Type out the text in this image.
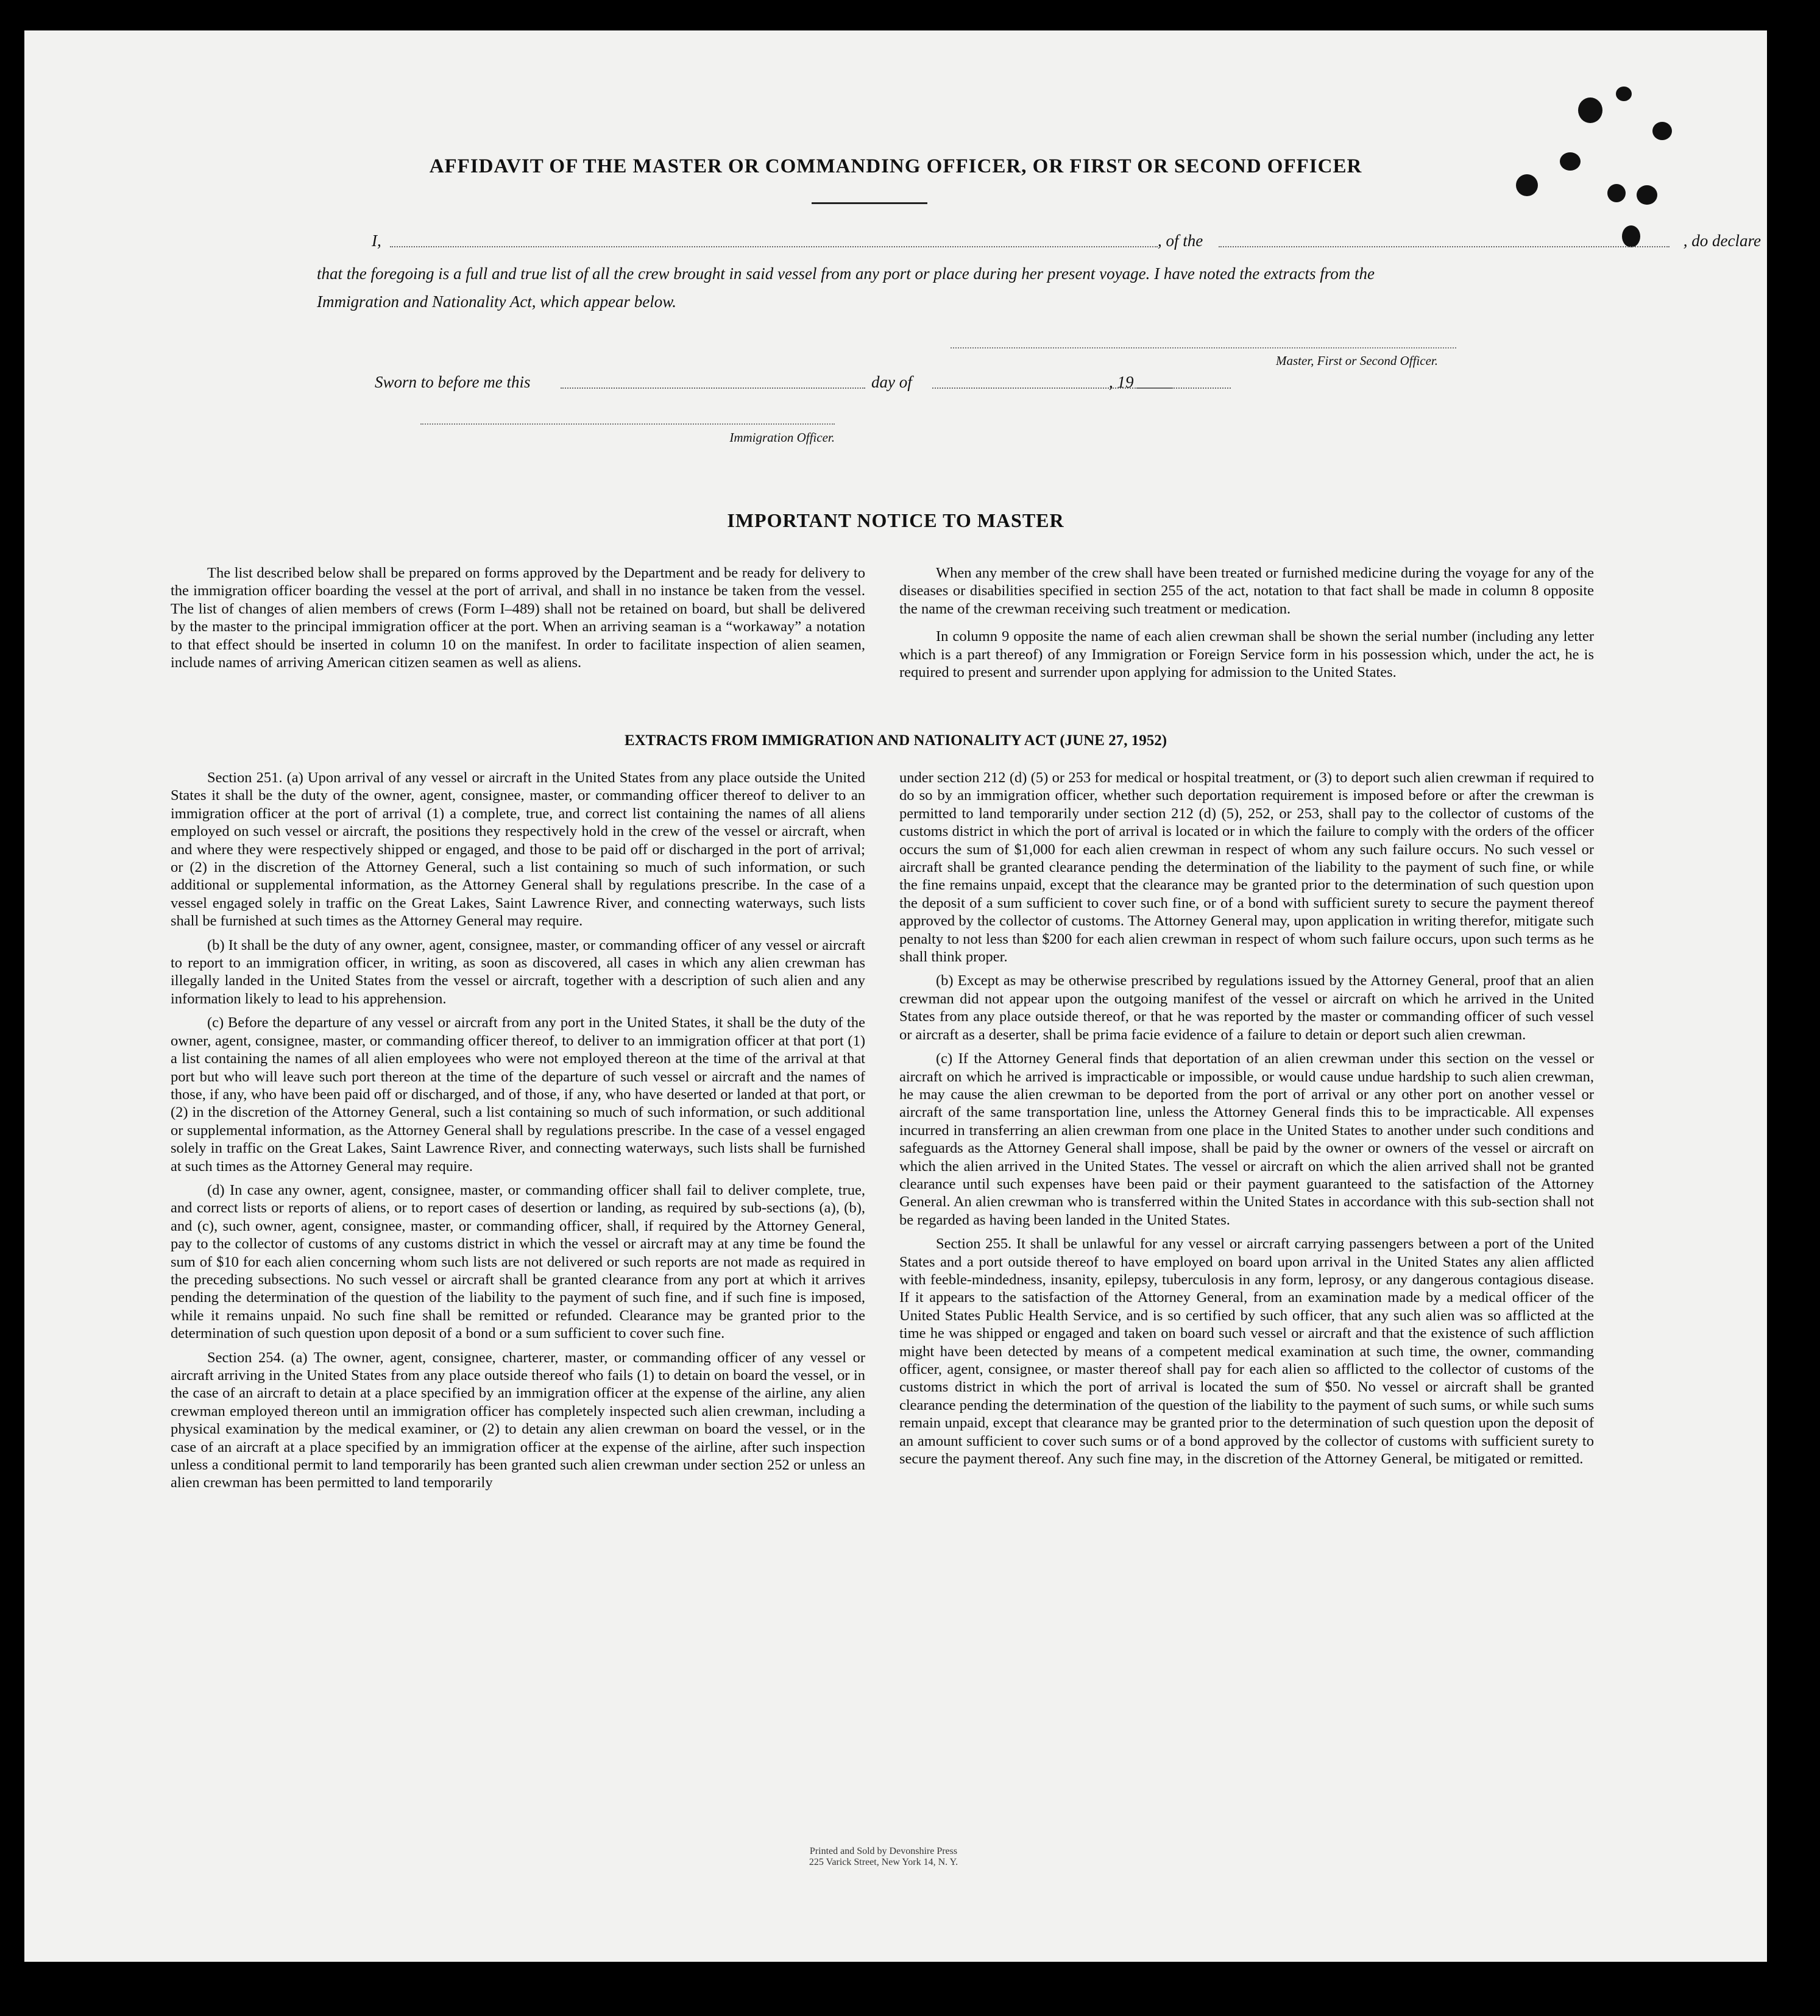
AFFIDAVIT OF THE MASTER OR COMMANDING OFFICER, OR FIRST OR SECOND OFFICER
I,	, of the	, do declare
that the foregoing is a full and true list of all the crew brought in said vessel from any port or place during her present voyage. I have noted the extracts from the Immigration and Nationality Act, which appear below.
Master, First or Second Officer.
Sworn to before me this	day of	, 19
Immigration Officer.
IMPORTANT NOTICE TO MASTER

The list described below shall be prepared on forms approved by the Department and be ready for delivery to the immigration officer boarding the vessel at the port of arrival, and shall in no instance be taken from the vessel. The list of changes of alien members of crews (Form I–489) shall not be retained on board, but shall be delivered by the master to the principal immigration officer at the port. When an arriving seaman is a “workaway” a notation to that effect should be inserted in column 10 on the manifest. In order to facilitate inspection of alien seamen, include names of arriving American citizen seamen as well as aliens.

When any member of the crew shall have been treated or furnished medicine during the voyage for any of the diseases or disabilities specified in section 255 of the act, notation to that fact shall be made in column 8 opposite the name of the crewman receiving such treatment or medication.

In column 9 opposite the name of each alien crewman shall be shown the serial number (including any letter which is a part thereof) of any Immigration or Foreign Service form in his possession which, under the act, he is required to present and surrender upon applying for admission to the United States.

EXTRACTS FROM IMMIGRATION AND NATIONALITY ACT (JUNE 27, 1952)

Section 251. (a) Upon arrival of any vessel or aircraft in the United States from any place outside the United States it shall be the duty of the owner, agent, consignee, master, or commanding officer thereof to deliver to an immigration officer at the port of arrival (1) a complete, true, and correct list containing the names of all aliens employed on such vessel or aircraft, the positions they respectively hold in the crew of the vessel or aircraft, when and where they were respectively shipped or engaged, and those to be paid off or discharged in the port of arrival; or (2) in the discretion of the Attorney General, such a list containing so much of such information, or such additional or supplemental information, as the Attorney General shall by regulations prescribe. In the case of a vessel engaged solely in traffic on the Great Lakes, Saint Lawrence River, and connecting waterways, such lists shall be furnished at such times as the Attorney General may require.

(b) It shall be the duty of any owner, agent, consignee, master, or commanding officer of any vessel or aircraft to report to an immigration officer, in writing, as soon as discovered, all cases in which any alien crewman has illegally landed in the United States from the vessel or aircraft, together with a description of such alien and any information likely to lead to his apprehension.

(c) Before the departure of any vessel or aircraft from any port in the United States, it shall be the duty of the owner, agent, consignee, master, or commanding officer thereof, to deliver to an immigration officer at that port (1) a list containing the names of all alien employees who were not employed thereon at the time of the arrival at that port but who will leave such port thereon at the time of the departure of such vessel or aircraft and the names of those, if any, who have been paid off or discharged, and of those, if any, who have deserted or landed at that port, or (2) in the discretion of the Attorney General, such a list containing so much of such information, or such additional or supplemental information, as the Attorney General shall by regulations prescribe. In the case of a vessel engaged solely in traffic on the Great Lakes, Saint Lawrence River, and connecting waterways, such lists shall be furnished at such times as the Attorney General may require.

(d) In case any owner, agent, consignee, master, or commanding officer shall fail to deliver complete, true, and correct lists or reports of aliens, or to report cases of desertion or landing, as required by sub-sections (a), (b), and (c), such owner, agent, consignee, master, or commanding officer, shall, if required by the Attorney General, pay to the collector of customs of any customs district in which the vessel or aircraft may at any time be found the sum of $10 for each alien concerning whom such lists are not delivered or such reports are not made as required in the preceding subsections. No such vessel or aircraft shall be granted clearance from any port at which it arrives pending the determination of the question of the liability to the payment of such fine, and if such fine is imposed, while it remains unpaid. No such fine shall be remitted or refunded. Clearance may be granted prior to the determination of such question upon deposit of a bond or a sum sufficient to cover such fine.

Section 254. (a) The owner, agent, consignee, charterer, master, or commanding officer of any vessel or aircraft arriving in the United States from any place outside thereof who fails (1) to detain on board the vessel, or in the case of an aircraft to detain at a place specified by an immigration officer at the expense of the airline, any alien crewman employed thereon until an immigration officer has completely inspected such alien crewman, including a physical examination by the medical examiner, or (2) to detain any alien crewman on board the vessel, or in the case of an aircraft at a place specified by an immigration officer at the expense of the airline, after such inspection unless a conditional permit to land temporarily has been granted such alien crewman under section 252 or unless an alien crewman has been permitted to land temporarily

under section 212 (d) (5) or 253 for medical or hospital treatment, or (3) to deport such alien crewman if required to do so by an immigration officer, whether such deportation requirement is imposed before or after the crewman is permitted to land temporarily under section 212 (d) (5), 252, or 253, shall pay to the collector of customs of the customs district in which the port of arrival is located or in which the failure to comply with the orders of the officer occurs the sum of $1,000 for each alien crewman in respect of whom any such failure occurs. No such vessel or aircraft shall be granted clearance pending the determination of the liability to the payment of such fine, or while the fine remains unpaid, except that the clearance may be granted prior to the determination of such question upon the deposit of a sum sufficient to cover such fine, or of a bond with sufficient surety to secure the payment thereof approved by the collector of customs. The Attorney General may, upon application in writing therefor, mitigate such penalty to not less than $200 for each alien crewman in respect of whom such failure occurs, upon such terms as he shall think proper.

(b) Except as may be otherwise prescribed by regulations issued by the Attorney General, proof that an alien crewman did not appear upon the outgoing manifest of the vessel or aircraft on which he arrived in the United States from any place outside thereof, or that he was reported by the master or commanding officer of such vessel or aircraft as a deserter, shall be prima facie evidence of a failure to detain or deport such alien crewman.

(c) If the Attorney General finds that deportation of an alien crewman under this section on the vessel or aircraft on which he arrived is impracticable or impossible, or would cause undue hardship to such alien crewman, he may cause the alien crewman to be deported from the port of arrival or any other port on another vessel or aircraft of the same transportation line, unless the Attorney General finds this to be impracticable. All expenses incurred in transferring an alien crewman from one place in the United States to another under such conditions and safeguards as the Attorney General shall impose, shall be paid by the owner or owners of the vessel or aircraft on which the alien arrived in the United States. The vessel or aircraft on which the alien arrived shall not be granted clearance until such expenses have been paid or their payment guaranteed to the satisfaction of the Attorney General. An alien crewman who is transferred within the United States in accordance with this sub-section shall not be regarded as having been landed in the United States.

Section 255. It shall be unlawful for any vessel or aircraft carrying passengers between a port of the United States and a port outside thereof to have employed on board upon arrival in the United States any alien afflicted with feeble-mindedness, insanity, epilepsy, tuberculosis in any form, leprosy, or any dangerous contagious disease. If it appears to the satisfaction of the Attorney General, from an examination made by a medical officer of the United States Public Health Service, and is so certified by such officer, that any such alien was so afflicted at the time he was shipped or engaged and taken on board such vessel or aircraft and that the existence of such affliction might have been detected by means of a competent medical examination at such time, the owner, commanding officer, agent, consignee, or master thereof shall pay for each alien so afflicted to the collector of customs of the customs district in which the port of arrival is located the sum of $50. No vessel or aircraft shall be granted clearance pending the determination of the question of the liability to the payment of such sums, or while such sums remain unpaid, except that clearance may be granted prior to the determination of such question upon the deposit of an amount sufficient to cover such sums or of a bond approved by the collector of customs with sufficient surety to secure the payment thereof. Any such fine may, in the discretion of the Attorney General, be mitigated or remitted.

Printed and Sold by Devonshire Press
225 Varick Street, New York 14, N. Y.
